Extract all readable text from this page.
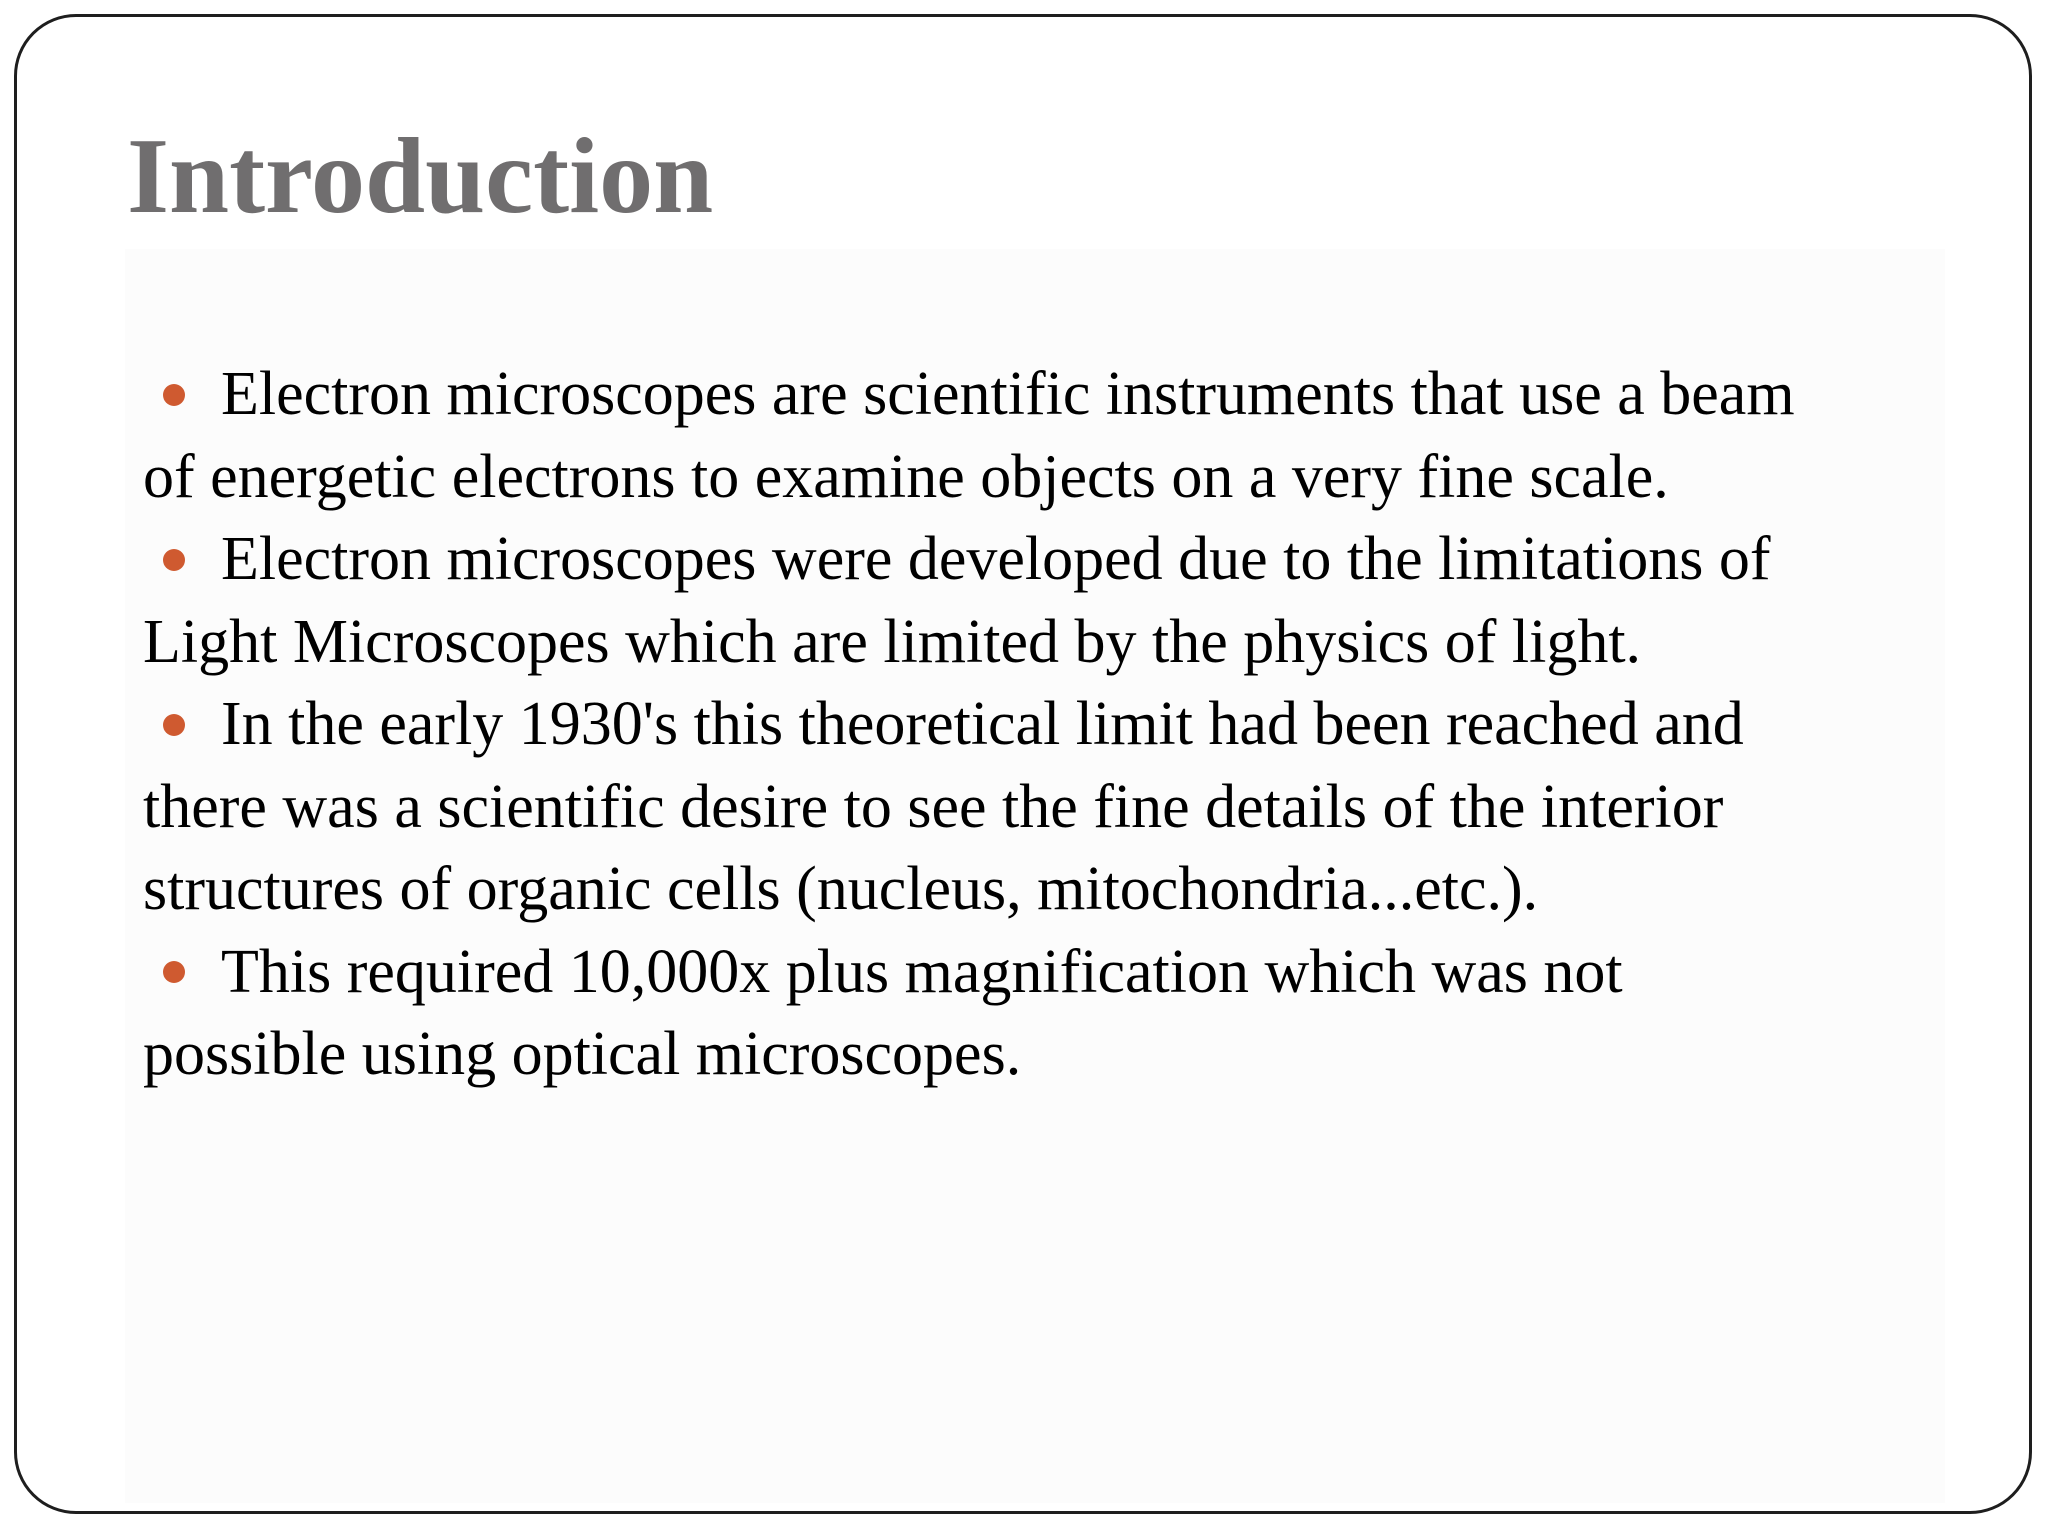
Introduction
Electron microscopes are scientific instruments that use a beam of energetic electrons to examine objects on a very fine scale.
Electron microscopes were developed due to the limitations of Light Microscopes which are limited by the physics of light.
In the early 1930's this theoretical limit had been reached and there was a scientific desire to see the fine details of the interior structures of organic cells (nucleus, mitochondria...etc.).
This required 10,000x plus magnification which was not possible using optical microscopes.
